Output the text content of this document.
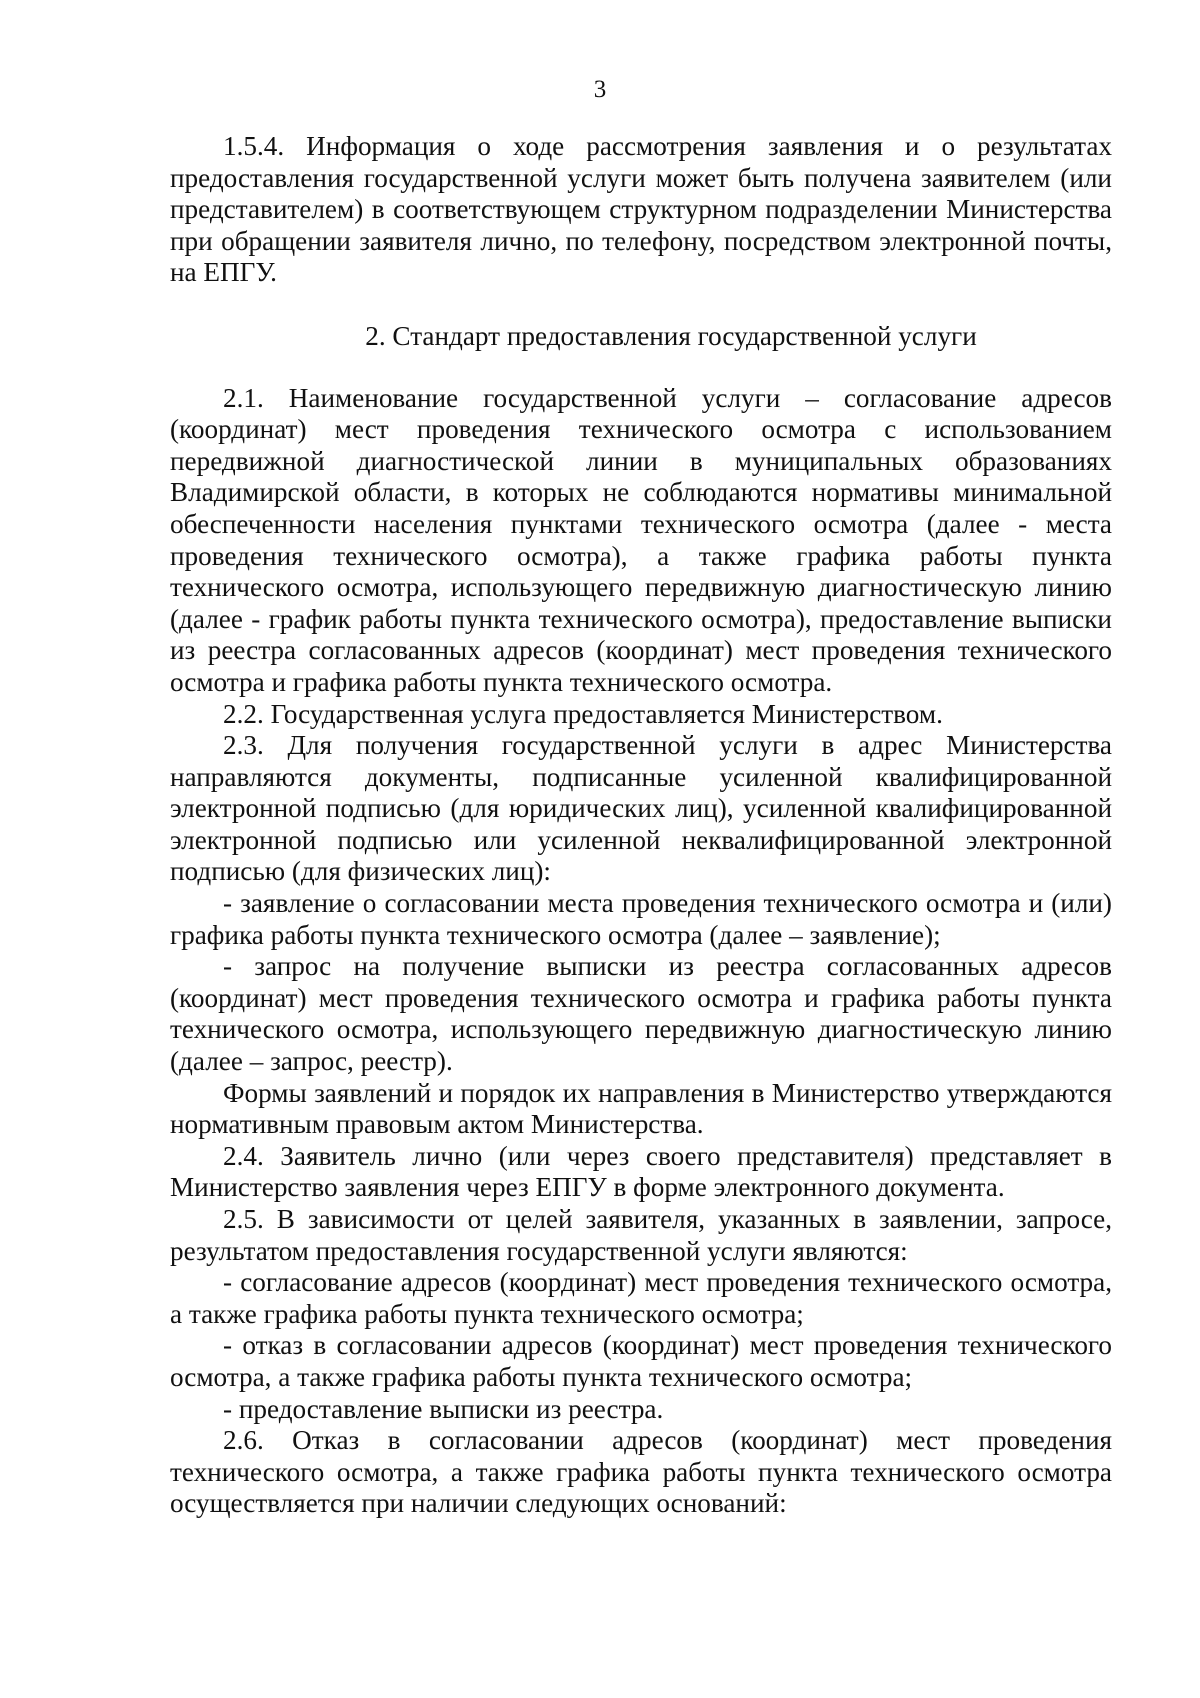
3

1.5.4. Информация о ходе рассмотрения заявления и о результатах предоставления государственной услуги может быть получена заявителем (или представителем) в соответствующем структурном подразделении Министерства при обращении заявителя лично, по телефону, посредством электронной почты, на ЕПГУ.

2. Стандарт предоставления государственной услуги

2.1. Наименование государственной услуги – согласование адресов (координат) мест проведения технического осмотра с использованием передвижной диагностической линии в муниципальных образованиях Владимирской области, в которых не соблюдаются нормативы минимальной обеспеченности населения пунктами технического осмотра (далее - места проведения технического осмотра), а также графика работы пункта технического осмотра, использующего передвижную диагностическую линию (далее - график работы пункта технического осмотра), предоставление выписки из реестра согласованных адресов (координат) мест проведения технического осмотра и графика работы пункта технического осмотра.

2.2. Государственная услуга предоставляется Министерством.

2.3. Для получения государственной услуги в адрес Министерства направляются документы, подписанные усиленной квалифицированной электронной подписью (для юридических лиц), усиленной квалифицированной электронной подписью или усиленной неквалифицированной электронной подписью (для физических лиц):

- заявление о согласовании места проведения технического осмотра и (или) графика работы пункта технического осмотра (далее – заявление);

- запрос на получение выписки из реестра согласованных адресов (координат) мест проведения технического осмотра и графика работы пункта технического осмотра, использующего передвижную диагностическую линию (далее – запрос, реестр).

Формы заявлений и порядок их направления в Министерство утверждаются нормативным правовым актом Министерства.

2.4. Заявитель лично (или через своего представителя) представляет в Министерство заявления через ЕПГУ в форме электронного документа.

2.5. В зависимости от целей заявителя, указанных в заявлении, запросе, результатом предоставления государственной услуги являются:

- согласование адресов (координат) мест проведения технического осмотра, а также графика работы пункта технического осмотра;

- отказ в согласовании адресов (координат) мест проведения технического осмотра, а также графика работы пункта технического осмотра;

- предоставление выписки из реестра.

2.6. Отказ в согласовании адресов (координат) мест проведения технического осмотра, а также графика работы пункта технического осмотра осуществляется при наличии следующих оснований:
